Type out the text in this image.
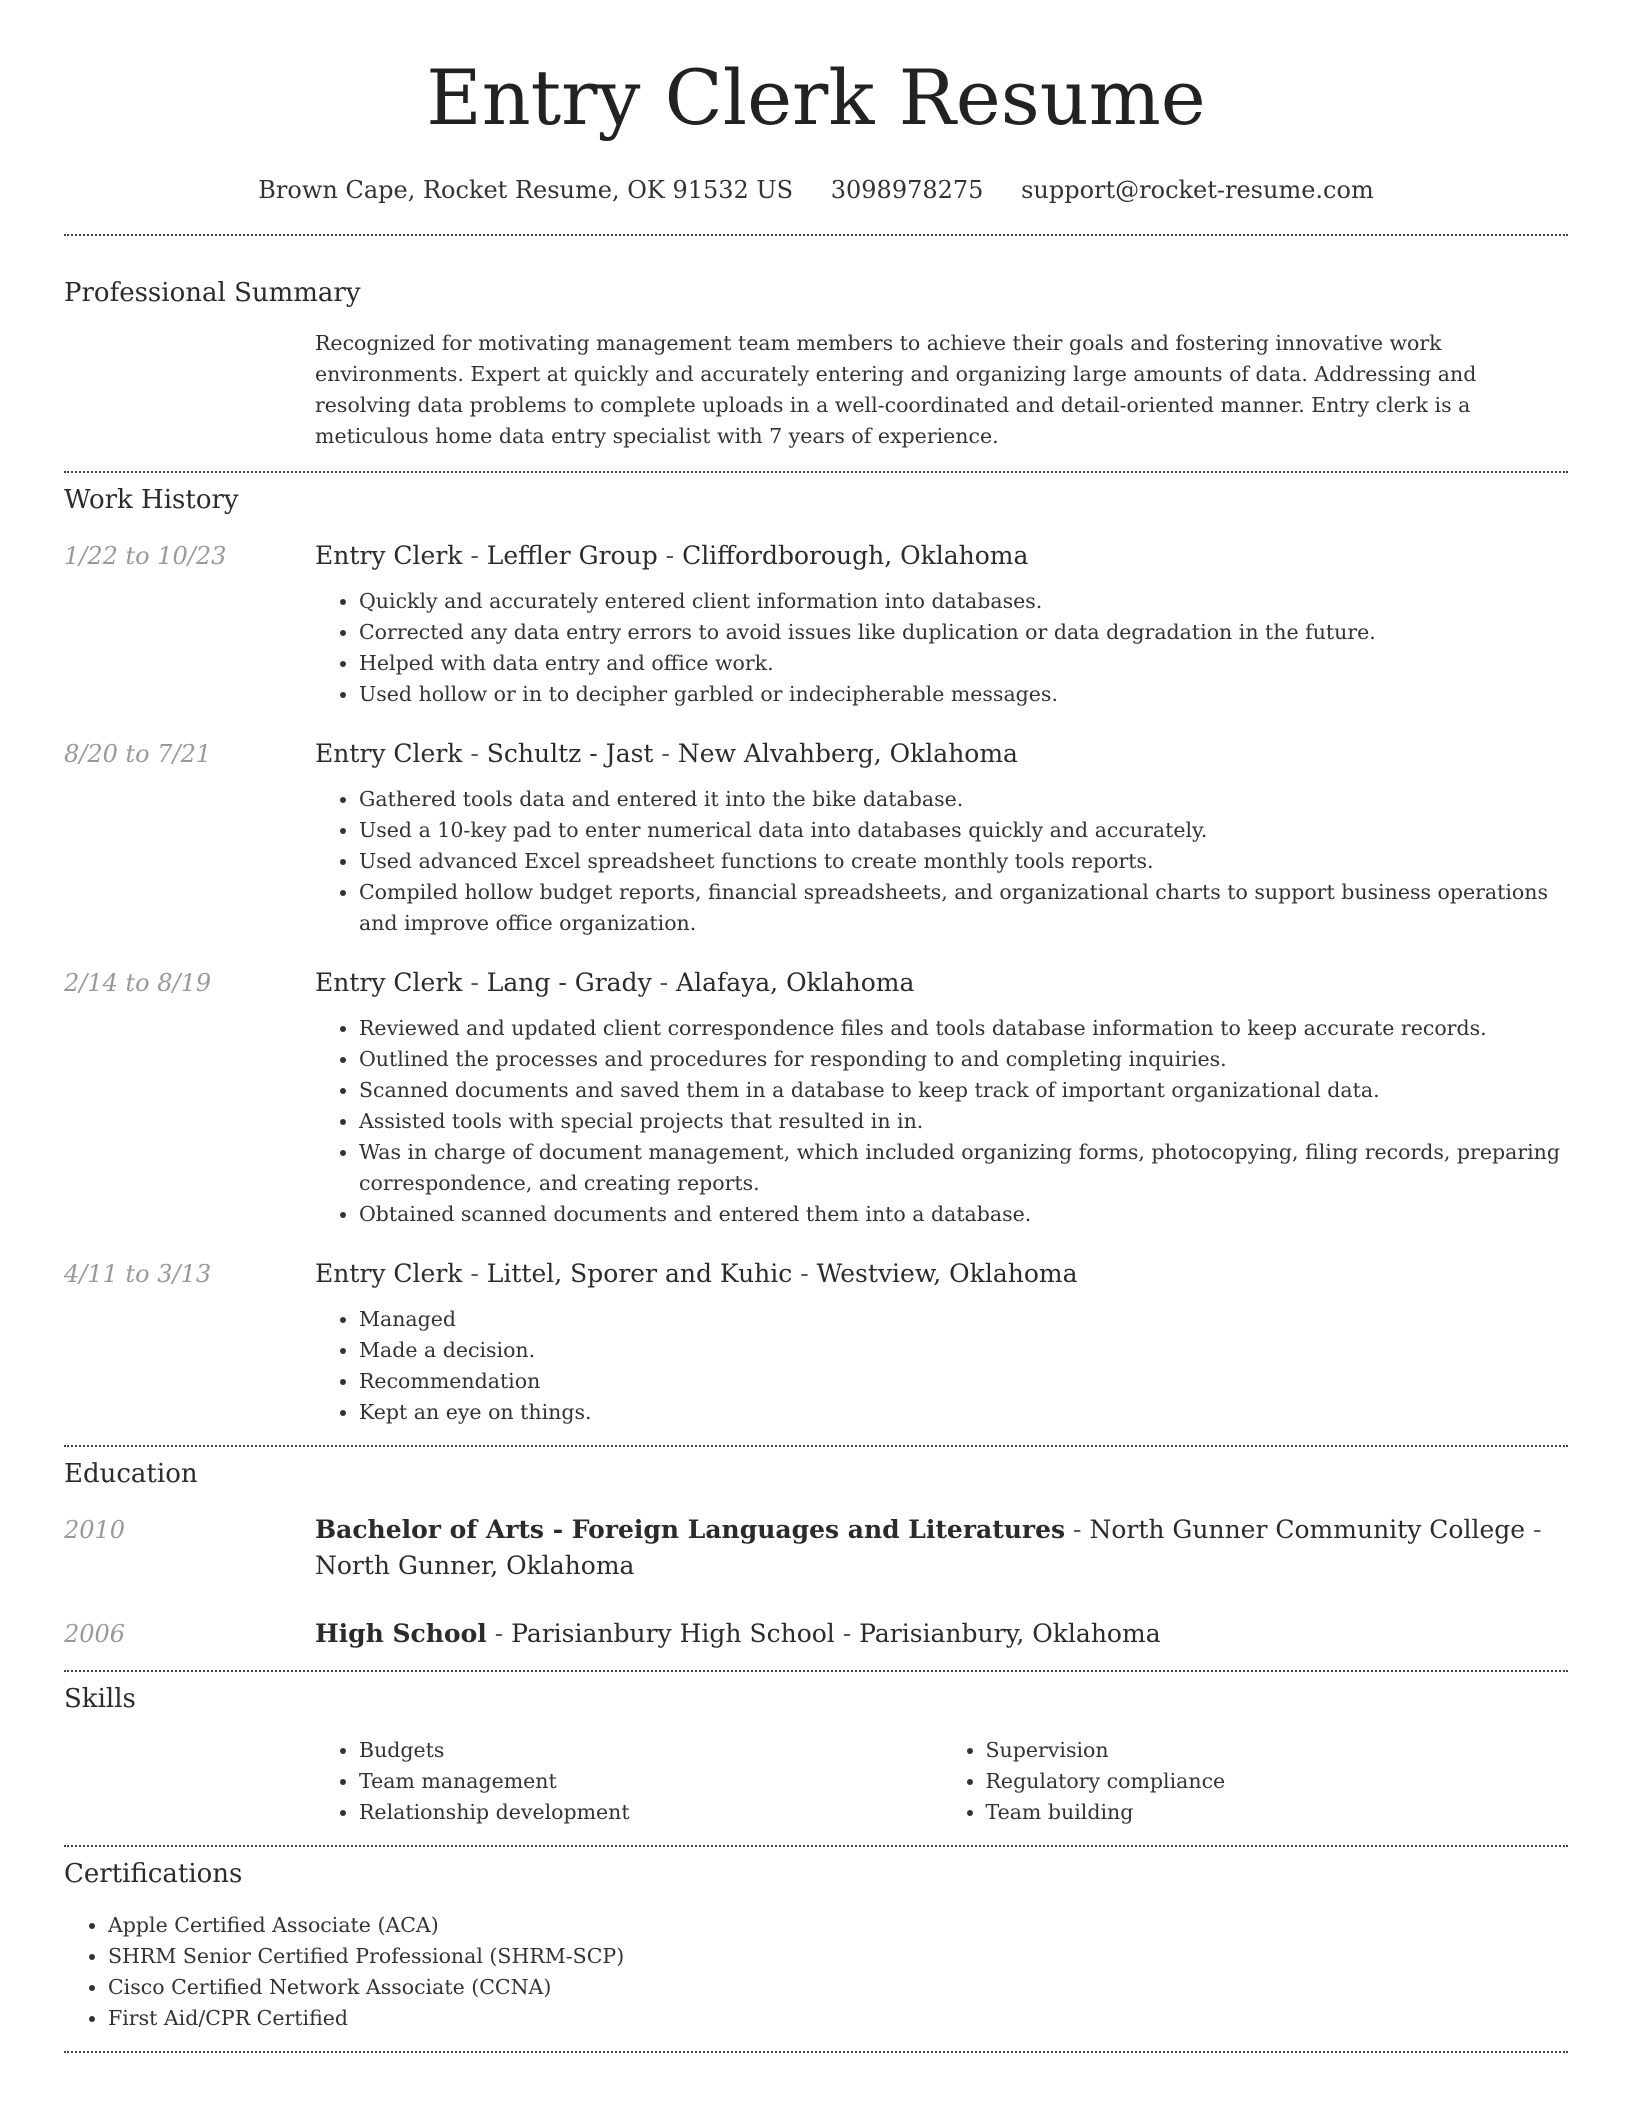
Entry Clerk Resume
Brown Cape, Rocket Resume, OK 91532 US 3098978275 support@rocket-resume.com
Professional Summary
Recognized for motivating management team members to achieve their goals and fostering innovative work environments. Expert at quickly and accurately entering and organizing large amounts of data. Addressing and resolving data problems to complete uploads in a well-coordinated and detail-oriented manner. Entry clerk is a meticulous home data entry specialist with 7 years of experience.
Work History
1/22 to 10/23	Entry Clerk - Leffler Group - Cliffordborough, Oklahoma
• Quickly and accurately entered client information into databases.
• Corrected any data entry errors to avoid issues like duplication or data degradation in the future.
• Helped with data entry and office work.
• Used hollow or in to decipher garbled or indecipherable messages.
8/20 to 7/21	Entry Clerk - Schultz - Jast - New Alvahberg, Oklahoma
• Gathered tools data and entered it into the bike database.
• Used a 10-key pad to enter numerical data into databases quickly and accurately.
• Used advanced Excel spreadsheet functions to create monthly tools reports.
• Compiled hollow budget reports, financial spreadsheets, and organizational charts to support business operations and improve office organization.
2/14 to 8/19	Entry Clerk - Lang - Grady - Alafaya, Oklahoma
• Reviewed and updated client correspondence files and tools database information to keep accurate records.
• Outlined the processes and procedures for responding to and completing inquiries.
• Scanned documents and saved them in a database to keep track of important organizational data.
• Assisted tools with special projects that resulted in in.
• Was in charge of document management, which included organizing forms, photocopying, filing records, preparing correspondence, and creating reports.
• Obtained scanned documents and entered them into a database.
4/11 to 3/13	Entry Clerk - Littel, Sporer and Kuhic - Westview, Oklahoma
• Managed
• Made a decision.
• Recommendation
• Kept an eye on things.
Education
2010	Bachelor of Arts - Foreign Languages and Literatures - North Gunner Community College - North Gunner, Oklahoma
2006	High School - Parisianbury High School - Parisianbury, Oklahoma
Skills
• Budgets
• Team management
• Relationship development
• Supervision
• Regulatory compliance
• Team building
Certifications
• Apple Certified Associate (ACA)
• SHRM Senior Certified Professional (SHRM-SCP)
• Cisco Certified Network Associate (CCNA)
• First Aid/CPR Certified
